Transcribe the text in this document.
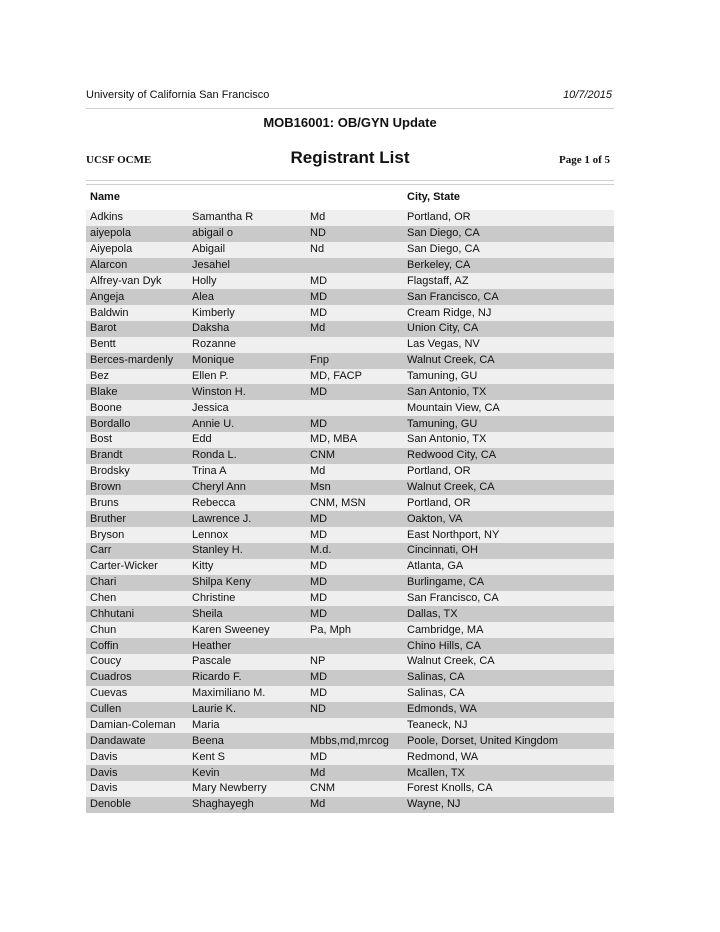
University of California San Francisco	10/7/2015
MOB16001: OB/GYN Update
UCSF OCME	Registrant List	Page 1 of 5
Name	City, State
Adkins	Samantha R	Md	Portland, OR
aiyepola	abigail o	ND	San Diego, CA
Aiyepola	Abigail	Nd	San Diego, CA
Alarcon	Jesahel		Berkeley, CA
Alfrey-van Dyk	Holly	MD	Flagstaff, AZ
Angeja	Alea	MD	San Francisco, CA
Baldwin	Kimberly	MD	Cream Ridge, NJ
Barot	Daksha	Md	Union City, CA
Bentt	Rozanne		Las Vegas, NV
Berces-mardenly	Monique	Fnp	Walnut Creek, CA
Bez	Ellen P.	MD, FACP	Tamuning, GU
Blake	Winston H.	MD	San Antonio, TX
Boone	Jessica		Mountain View, CA
Bordallo	Annie U.	MD	Tamuning, GU
Bost	Edd	MD, MBA	San Antonio, TX
Brandt	Ronda L.	CNM	Redwood City, CA
Brodsky	Trina A	Md	Portland, OR
Brown	Cheryl Ann	Msn	Walnut Creek, CA
Bruns	Rebecca	CNM, MSN	Portland, OR
Bruther	Lawrence J.	MD	Oakton, VA
Bryson	Lennox	MD	East Northport, NY
Carr	Stanley H.	M.d.	Cincinnati, OH
Carter-Wicker	Kitty	MD	Atlanta, GA
Chari	Shilpa Keny	MD	Burlingame, CA
Chen	Christine	MD	San Francisco, CA
Chhutani	Sheila	MD	Dallas, TX
Chun	Karen Sweeney	Pa, Mph	Cambridge, MA
Coffin	Heather		Chino Hills, CA
Coucy	Pascale	NP	Walnut Creek, CA
Cuadros	Ricardo F.	MD	Salinas, CA
Cuevas	Maximiliano M.	MD	Salinas, CA
Cullen	Laurie K.	ND	Edmonds, WA
Damian-Coleman	Maria		Teaneck, NJ
Dandawate	Beena	Mbbs,md,mrcog	Poole, Dorset, United Kingdom
Davis	Kent S	MD	Redmond, WA
Davis	Kevin	Md	Mcallen, TX
Davis	Mary Newberry	CNM	Forest Knolls, CA
Denoble	Shaghayegh	Md	Wayne, NJ
